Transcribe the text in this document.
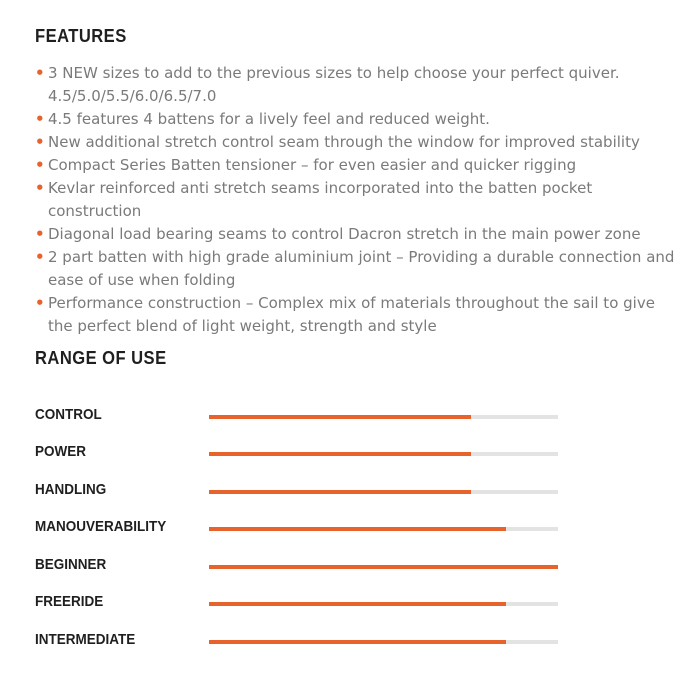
FEATURES
• 3 NEW sizes to add to the previous sizes to help choose your perfect quiver. 4.5/5.0/5.5/6.0/6.5/7.0
• 4.5 features 4 battens for a lively feel and reduced weight.
• New additional stretch control seam through the window for improved stability
• Compact Series Batten tensioner – for even easier and quicker rigging
• Kevlar reinforced anti stretch seams incorporated into the batten pocket construction
• Diagonal load bearing seams to control Dacron stretch in the main power zone
• 2 part batten with high grade aluminium joint – Providing a durable connection and ease of use when folding
• Performance construction – Complex mix of materials throughout the sail to give the perfect blend of light weight, strength and style
RANGE OF USE
CONTROL
POWER
HANDLING
MANOUVERABILITY
BEGINNER
FREERIDE
INTERMEDIATE
